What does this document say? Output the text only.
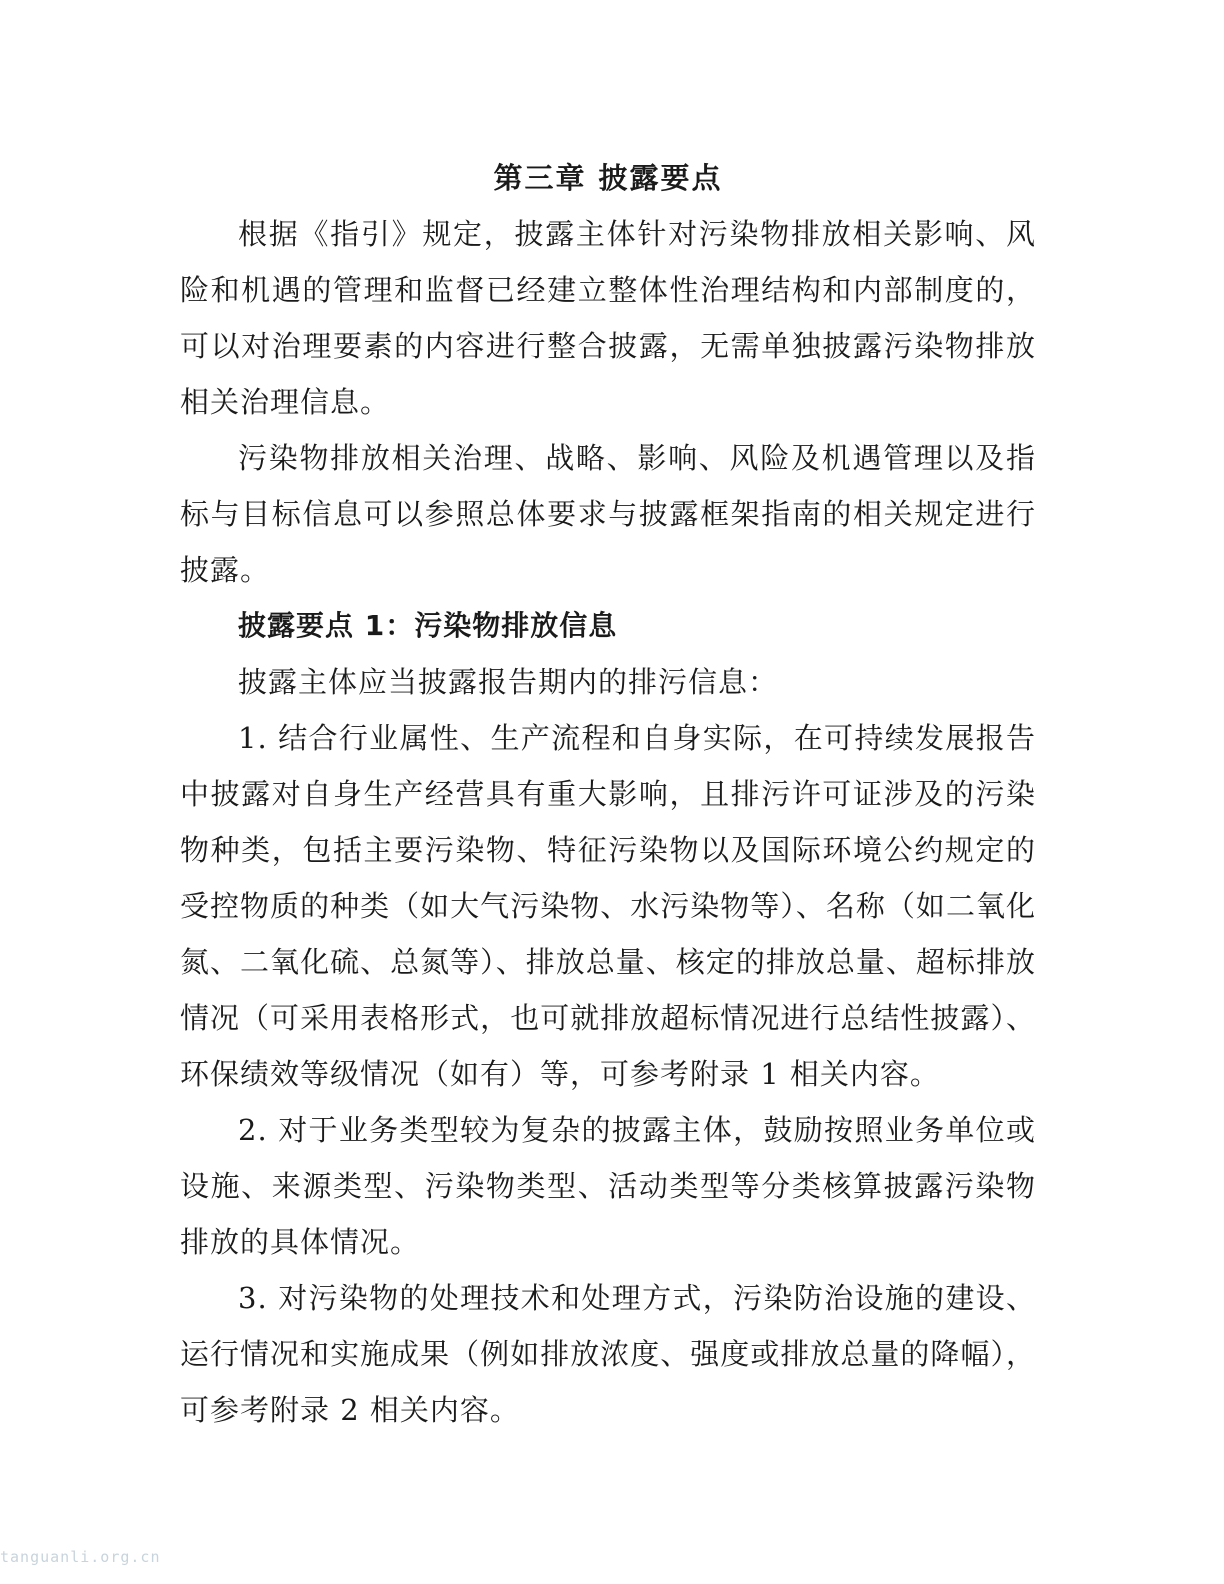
第三章 披露要点

根据《指引》规定，披露主体针对污染物排放相关影响、风险和机遇的管理和监督已经建立整体性治理结构和内部制度的，可以对治理要素的内容进行整合披露，无需单独披露污染物排放相关治理信息。

污染物排放相关治理、战略、影响、风险及机遇管理以及指标与目标信息可以参照总体要求与披露框架指南的相关规定进行披露。

披露要点 1：污染物排放信息

披露主体应当披露报告期内的排污信息：

1. 结合行业属性、生产流程和自身实际，在可持续发展报告中披露对自身生产经营具有重大影响，且排污许可证涉及的污染物种类，包括主要污染物、特征污染物以及国际环境公约规定的受控物质的种类（如大气污染物、水污染物等）、名称（如二氧化氮、二氧化硫、总氮等）、排放总量、核定的排放总量、超标排放情况（可采用表格形式，也可就排放超标情况进行总结性披露）、环保绩效等级情况（如有）等，可参考附录 1 相关内容。

2. 对于业务类型较为复杂的披露主体，鼓励按照业务单位或设施、来源类型、污染物类型、活动类型等分类核算披露污染物排放的具体情况。

3. 对污染物的处理技术和处理方式，污染防治设施的建设、运行情况和实施成果（例如排放浓度、强度或排放总量的降幅），可参考附录 2 相关内容。

tanguanli.org.cn
